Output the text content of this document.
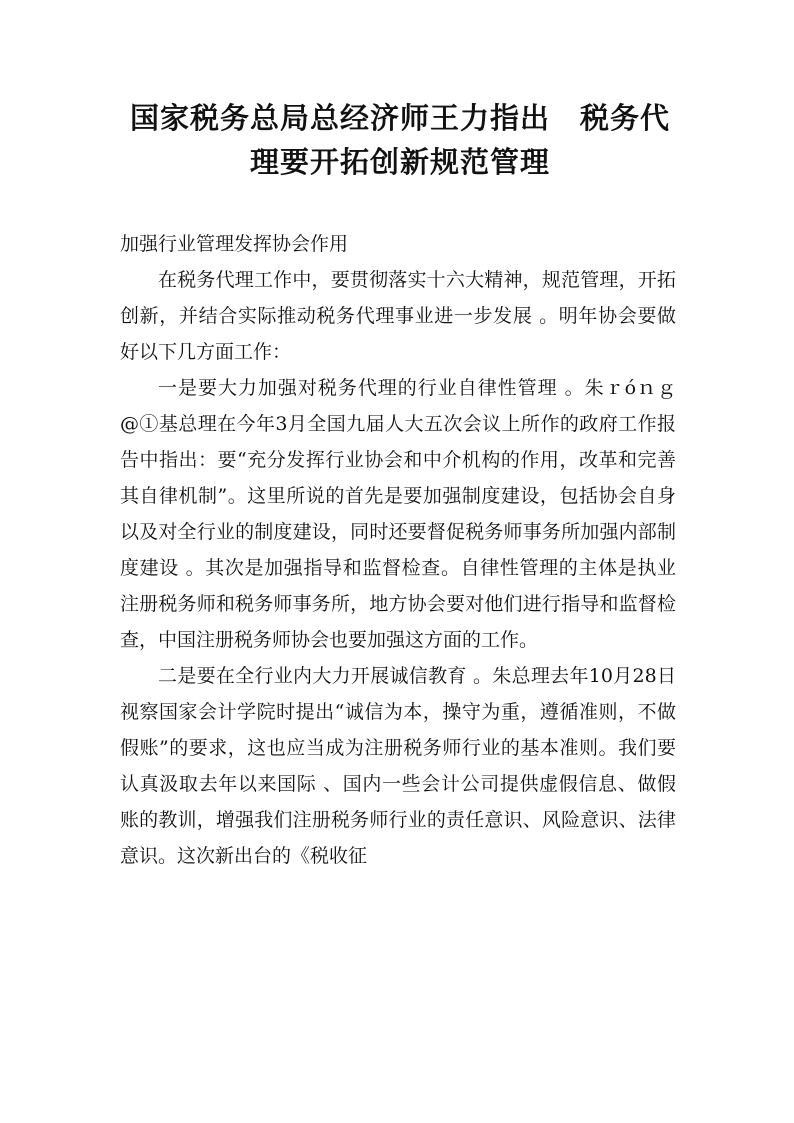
国家税务总局总经济师王力指出　税务代
理要开拓创新规范管理

加强行业管理发挥协会作用

在税务代理工作中，要贯彻落实十六大精神，规范管理，开拓创新，并结合实际推动税务代理事业进一步发展 。明年协会要做好以下几方面工作：

一是要大力加强对税务代理的行业自律性管理 。朱ｒóｎｇ@①基总理在今年3月全国九届人大五次会议上所作的政府工作报告中指出：要“充分发挥行业协会和中介机构的作用，改革和完善其自律机制”。这里所说的首先是要加强制度建设，包括协会自身以及对全行业的制度建设，同时还要督促税务师事务所加强内部制度建设 。其次是加强指导和监督检查。自律性管理的主体是执业注册税务师和税务师事务所，地方协会要对他们进行指导和监督检查，中国注册税务师协会也要加强这方面的工作。

二是要在全行业内大力开展诚信教育 。朱总理去年10月28日视察国家会计学院时提出“诚信为本，操守为重，遵循准则，不做假账”的要求，这也应当成为注册税务师行业的基本准则。我们要认真汲取去年以来国际 、国内一些会计公司提供虚假信息、做假账的教训，增强我们注册税务师行业的责任意识、风险意识、法律意识。这次新出台的《税收征
